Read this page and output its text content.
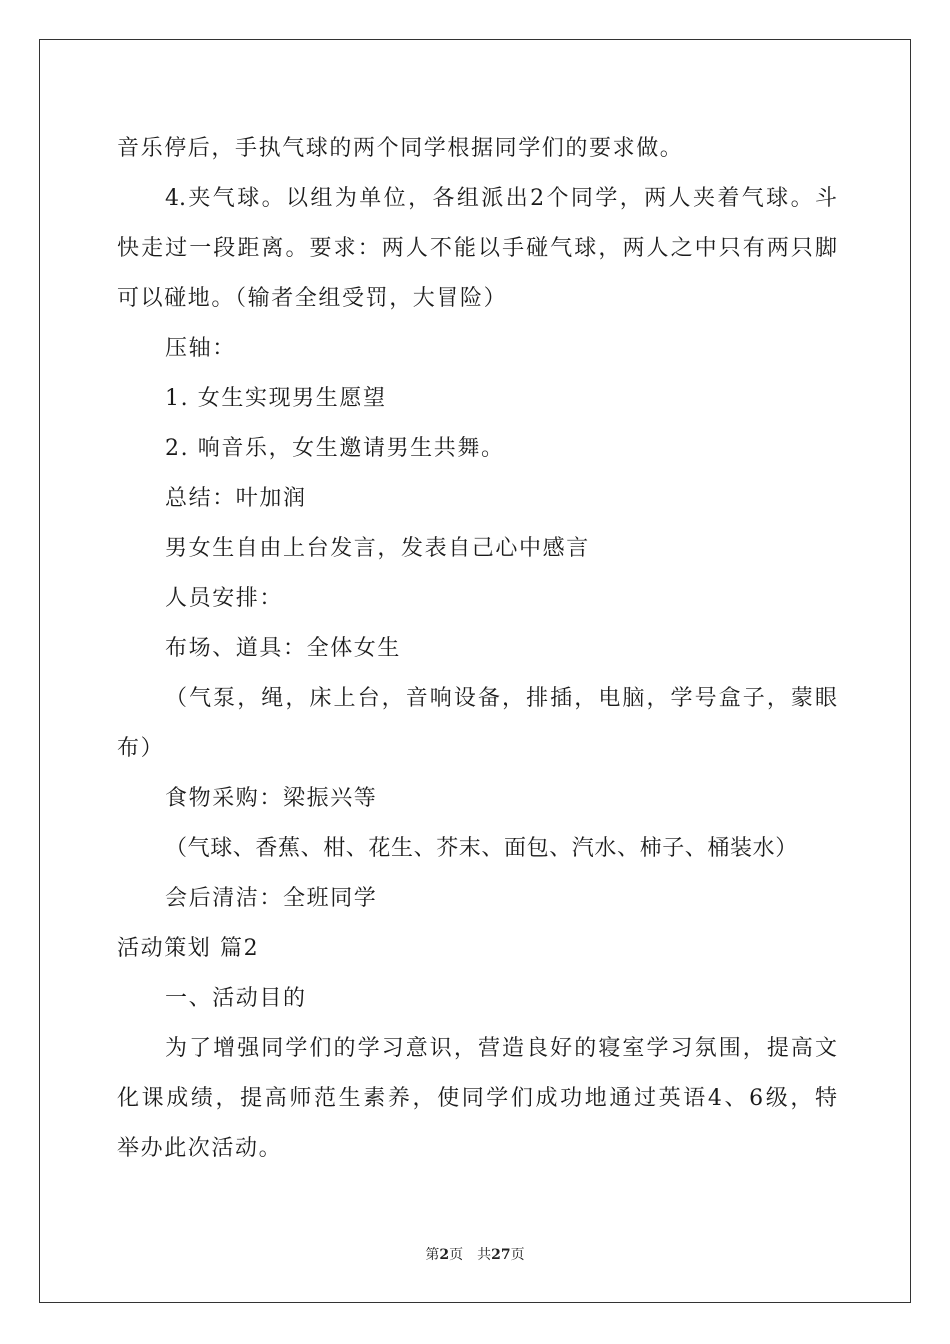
音乐停后，手执气球的两个同学根据同学们的要求做。
4.夹气球。以组为单位，各组派出2个同学，两人夹着气球。斗
快走过一段距离。要求：两人不能以手碰气球，两人之中只有两只脚
可以碰地。（输者全组受罚，大冒险）
压轴：
1. 女生实现男生愿望
2. 响音乐，女生邀请男生共舞。
总结：叶加润
男女生自由上台发言，发表自己心中感言
人员安排：
布场、道具：全体女生
（气泵，绳，床上台，音响设备，排插，电脑，学号盒子，蒙眼
布）
食物采购：梁振兴等
（气球、香蕉、柑、花生、芥末、面包、汽水、柿子、桶装水）
会后清洁：全班同学
活动策划 篇2
一、活动目的
为了增强同学们的学习意识，营造良好的寝室学习氛围，提高文
化课成绩，提高师范生素养，使同学们成功地通过英语4、6级，特
举办此次活动。
第2页　共27页
